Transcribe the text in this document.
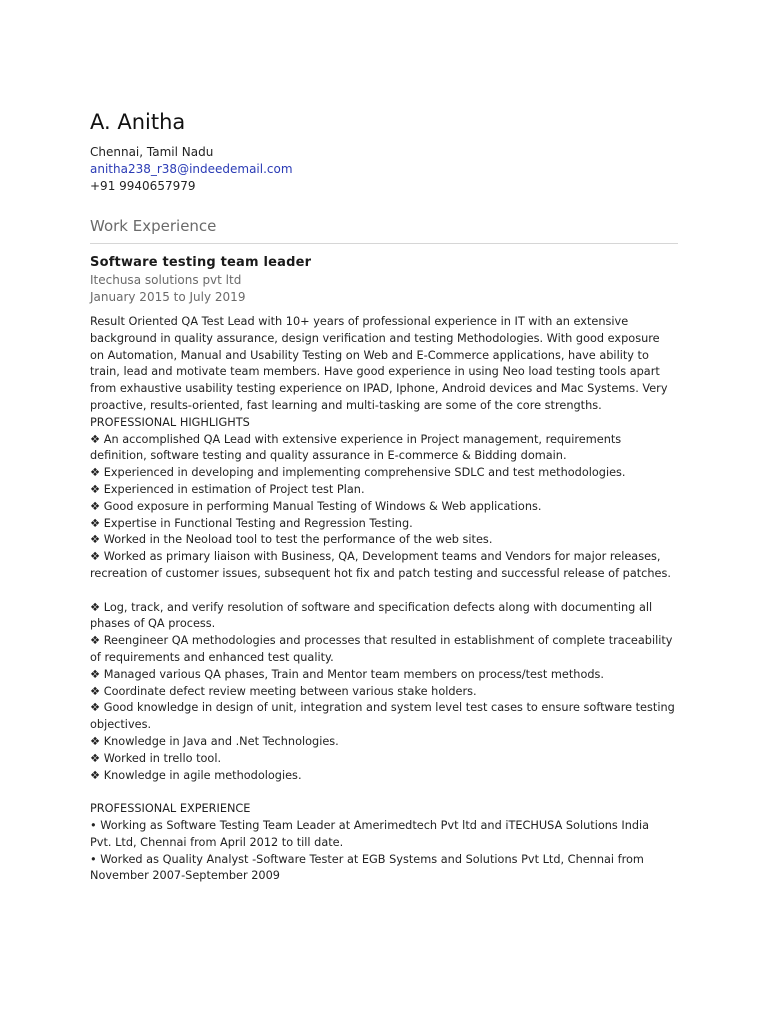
A. Anitha
Chennai, Tamil Nadu
anitha238_r38@indeedemail.com
+91 9940657979
Work Experience
Software testing team leader
Itechusa solutions pvt ltd
January 2015 to July 2019
Result Oriented QA Test Lead with 10+ years of professional experience in IT with an extensive
background in quality assurance, design verification and testing Methodologies. With good exposure
on Automation, Manual and Usability Testing on Web and E-Commerce applications, have ability to
train, lead and motivate team members. Have good experience in using Neo load testing tools apart
from exhaustive usability testing experience on IPAD, Iphone, Android devices and Mac Systems. Very
proactive, results-oriented, fast learning and multi-tasking are some of the core strengths.
PROFESSIONAL HIGHLIGHTS
❖ An accomplished QA Lead with extensive experience in Project management, requirements
definition, software testing and quality assurance in E-commerce & Bidding domain.
❖ Experienced in developing and implementing comprehensive SDLC and test methodologies.
❖ Experienced in estimation of Project test Plan.
❖ Good exposure in performing Manual Testing of Windows & Web applications.
❖ Expertise in Functional Testing and Regression Testing.
❖ Worked in the Neoload tool to test the performance of the web sites.
❖ Worked as primary liaison with Business, QA, Development teams and Vendors for major releases,
recreation of customer issues, subsequent hot fix and patch testing and successful release of patches.
❖ Log, track, and verify resolution of software and specification defects along with documenting all
phases of QA process.
❖ Reengineer QA methodologies and processes that resulted in establishment of complete traceability
of requirements and enhanced test quality.
❖ Managed various QA phases, Train and Mentor team members on process/test methods.
❖ Coordinate defect review meeting between various stake holders.
❖ Good knowledge in design of unit, integration and system level test cases to ensure software testing
objectives.
❖ Knowledge in Java and .Net Technologies.
❖ Worked in trello tool.
❖ Knowledge in agile methodologies.
PROFESSIONAL EXPERIENCE
• Working as Software Testing Team Leader at Amerimedtech Pvt ltd and iTECHUSA Solutions India
Pvt. Ltd, Chennai from April 2012 to till date.
• Worked as Quality Analyst -Software Tester at EGB Systems and Solutions Pvt Ltd, Chennai from
November 2007-September 2009
